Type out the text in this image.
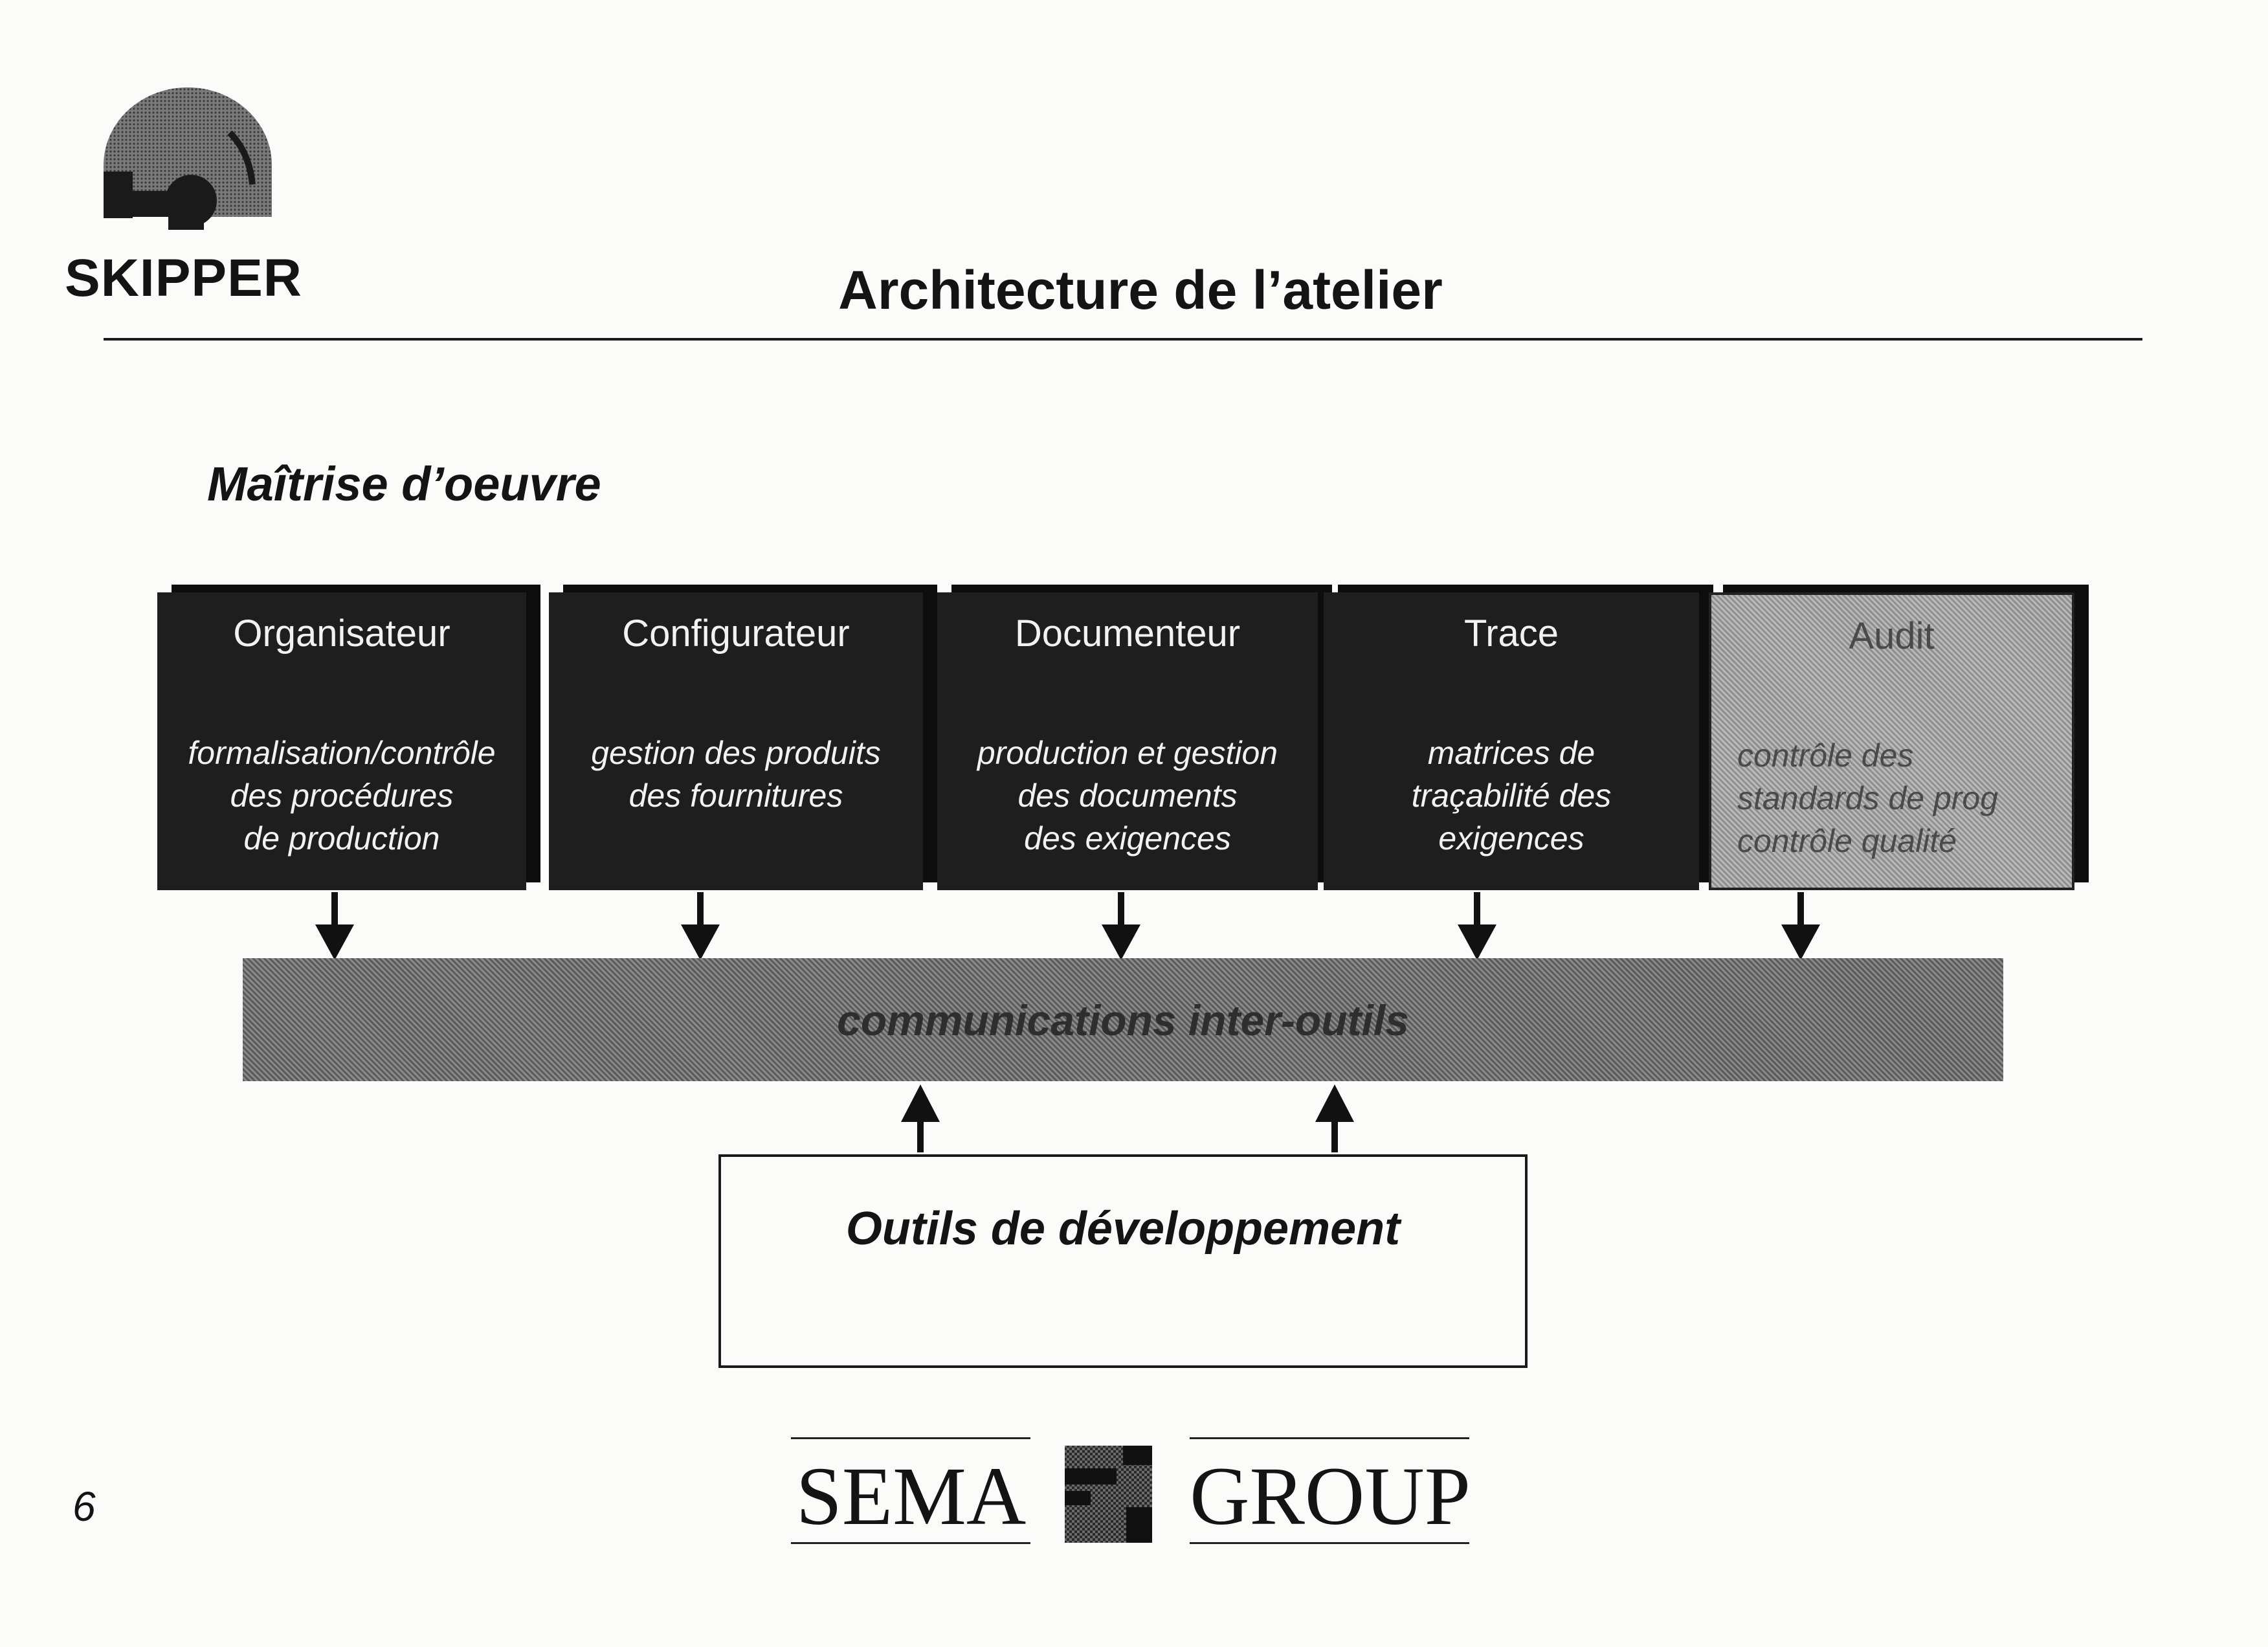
SKIPPER	Architecture de l’atelier
Maîtrise d’oeuvre
Organisateur
formalisation/contrôle
des procédures
de production
Configurateur
gestion des produits
des fournitures
Documenteur
production et gestion
des documents
des exigences
Trace
matrices de
traçabilité des
exigences
Audit
contrôle des
standards de prog
contrôle qualité
communications inter-outils
Outils de développement
6	SEMA GROUP
